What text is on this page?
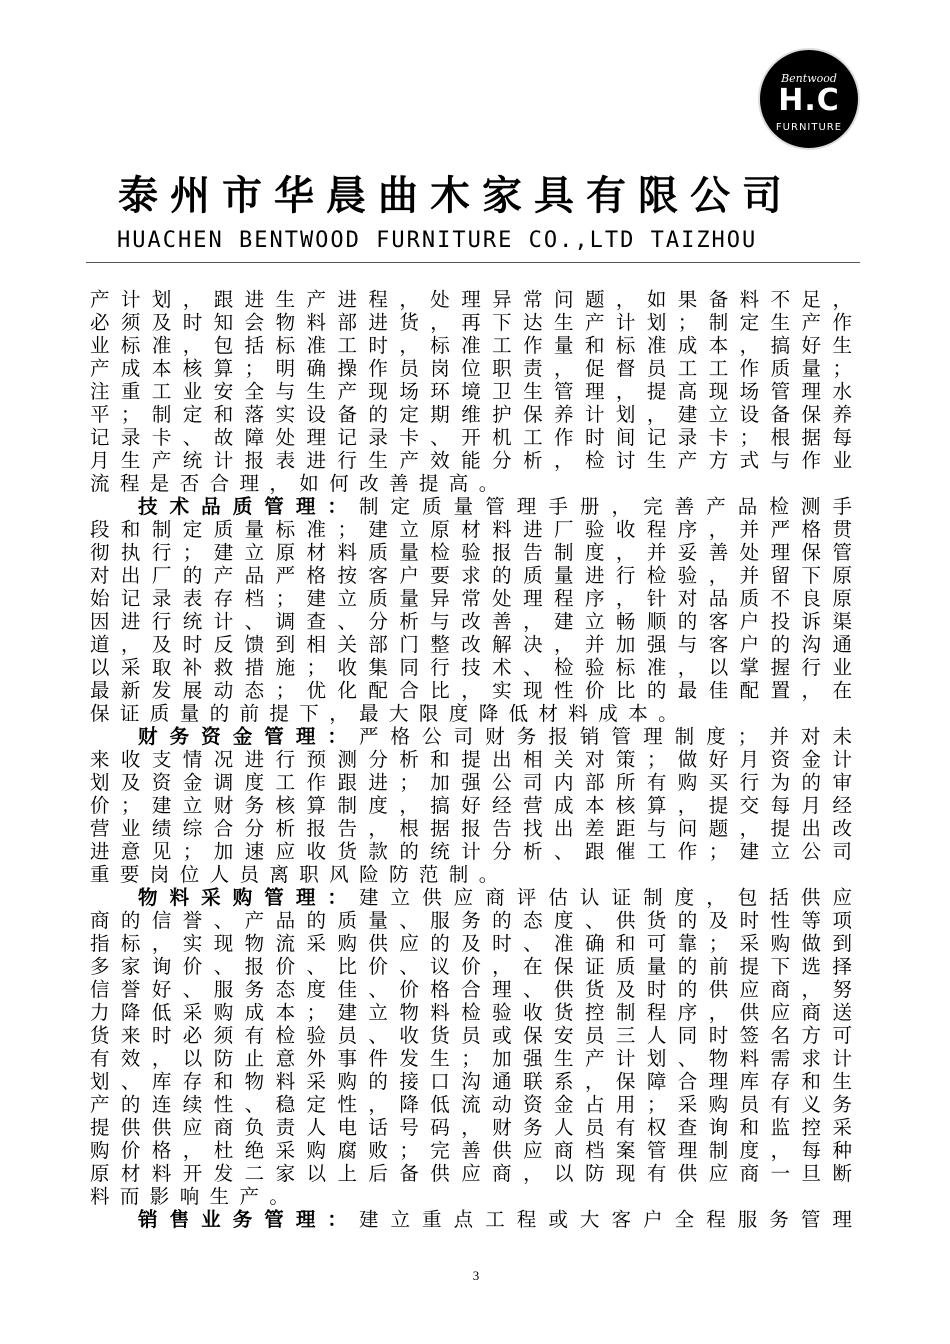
Bentwood
H.C
FURNITURE
泰州市华晨曲木家具有限公司
HUACHEN BENTWOOD FURNITURE CO.,LTD TAIZHOU
产计划，跟进生产进程，处理异常问题，如果备料不足，
必须及时知会物料部进货，再下达生产计划；制定生产作
业标准，包括标准工时，标准工作量和标准成本，搞好生
产成本核算；明确操作员岗位职责，促督员工工作质量；
注重工业安全与生产现场环境卫生管理，提高现场管理水
平；制定和落实设备的定期维护保养计划，建立设备保养
记录卡、故障处理记录卡、开机工作时间记录卡；根据每
月生产统计报表进行生产效能分析，检讨生产方式与作业
流程是否合理，如何改善提高。
技术品质管理：制定质量管理手册，完善产品检测手
段和制定质量标准；建立原材料进厂验收程序，并严格贯
彻执行；建立原材料质量检验报告制度，并妥善处理保管
对出厂的产品严格按客户要求的质量进行检验，并留下原
始记录表存档；建立质量异常处理程序，针对品质不良原
因进行统计、调查、分析与改善，建立畅顺的客户投诉渠
道，及时反馈到相关部门整改解决，并加强与客户的沟通
以采取补救措施；收集同行技术、检验标准，以掌握行业
最新发展动态；优化配合比，实现性价比的最佳配置，在
保证质量的前提下，最大限度降低材料成本。
财务资金管理：严格公司财务报销管理制度；并对未
来收支情况进行预测分析和提出相关对策；做好月资金计
划及资金调度工作跟进；加强公司内部所有购买行为的审
价；建立财务核算制度，搞好经营成本核算，提交每月经
营业绩综合分析报告，根据报告找出差距与问题，提出改
进意见；加速应收货款的统计分析、跟催工作；建立公司
重要岗位人员离职风险防范制。
物料采购管理：建立供应商评估认证制度，包括供应
商的信誉、产品的质量、服务的态度、供货的及时性等项
指标，实现物流采购供应的及时、准确和可靠；采购做到
多家询价、报价、比价、议价，在保证质量的前提下选择
信誉好、服务态度佳、价格合理、供货及时的供应商，努
力降低采购成本；建立物料检验收货控制程序，供应商送
货来时必须有检验员、收货员或保安员三人同时签名方可
有效，以防止意外事件发生；加强生产计划、物料需求计
划、库存和物料采购的接口沟通联系，保障合理库存和生
产的连续性、稳定性，降低流动资金占用；采购员有义务
提供供应商负责人电话号码，财务人员有权查询和监控采
购价格，杜绝采购腐败；完善供应商档案管理制度，每种
原材料开发二家以上后备供应商，以防现有供应商一旦断
料而影响生产。
销售业务管理：建立重点工程或大客户全程服务管理
3
